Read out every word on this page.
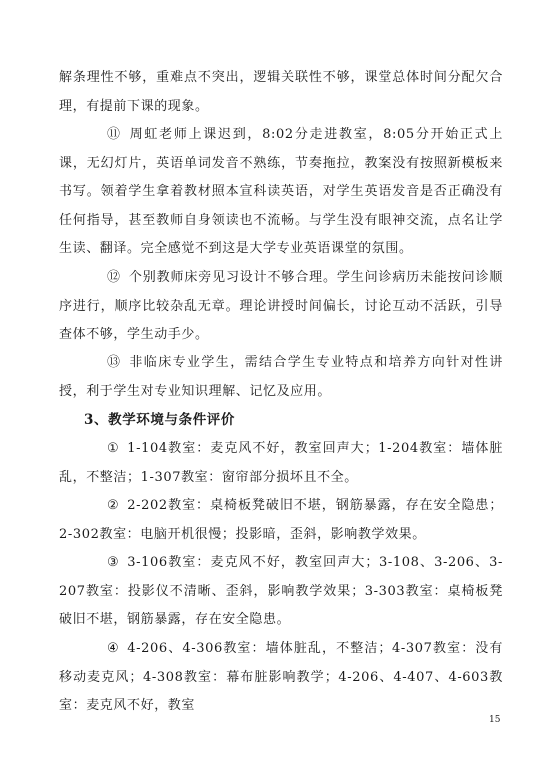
解条理性不够，重难点不突出，逻辑关联性不够，课堂总体时间分配欠合理，有提前下课的现象。

⑪ 周虹老师上课迟到，8:02分走进教室，8:05分开始正式上课，无幻灯片，英语单词发音不熟练，节奏拖拉，教案没有按照新模板来书写。领着学生拿着教材照本宣科读英语，对学生英语发音是否正确没有任何指导，甚至教师自身领读也不流畅。与学生没有眼神交流，点名让学生读、翻译。完全感觉不到这是大学专业英语课堂的氛围。

⑫ 个别教师床旁见习设计不够合理。学生问诊病历未能按问诊顺序进行，顺序比较杂乱无章。理论讲授时间偏长，讨论互动不活跃，引导查体不够，学生动手少。

⑬ 非临床专业学生，需结合学生专业特点和培养方向针对性讲授，利于学生对专业知识理解、记忆及应用。

3、教学环境与条件评价

① 1-104教室：麦克风不好，教室回声大；1-204教室：墙体脏乱，不整洁；1-307教室：窗帘部分损坏且不全。

② 2-202教室：桌椅板凳破旧不堪，钢筋暴露，存在安全隐患；2-302教室：电脑开机很慢；投影暗，歪斜，影响教学效果。

③ 3-106教室：麦克风不好，教室回声大；3-108、3-206、3-207教室：投影仪不清晰、歪斜，影响教学效果；3-303教室：桌椅板凳破旧不堪，钢筋暴露，存在安全隐患。

④ 4-206、4-306教室：墙体脏乱，不整洁；4-307教室：没有移动麦克风；4-308教室：幕布脏影响教学；4-206、4-407、4-603教室：麦克风不好，教室

15
